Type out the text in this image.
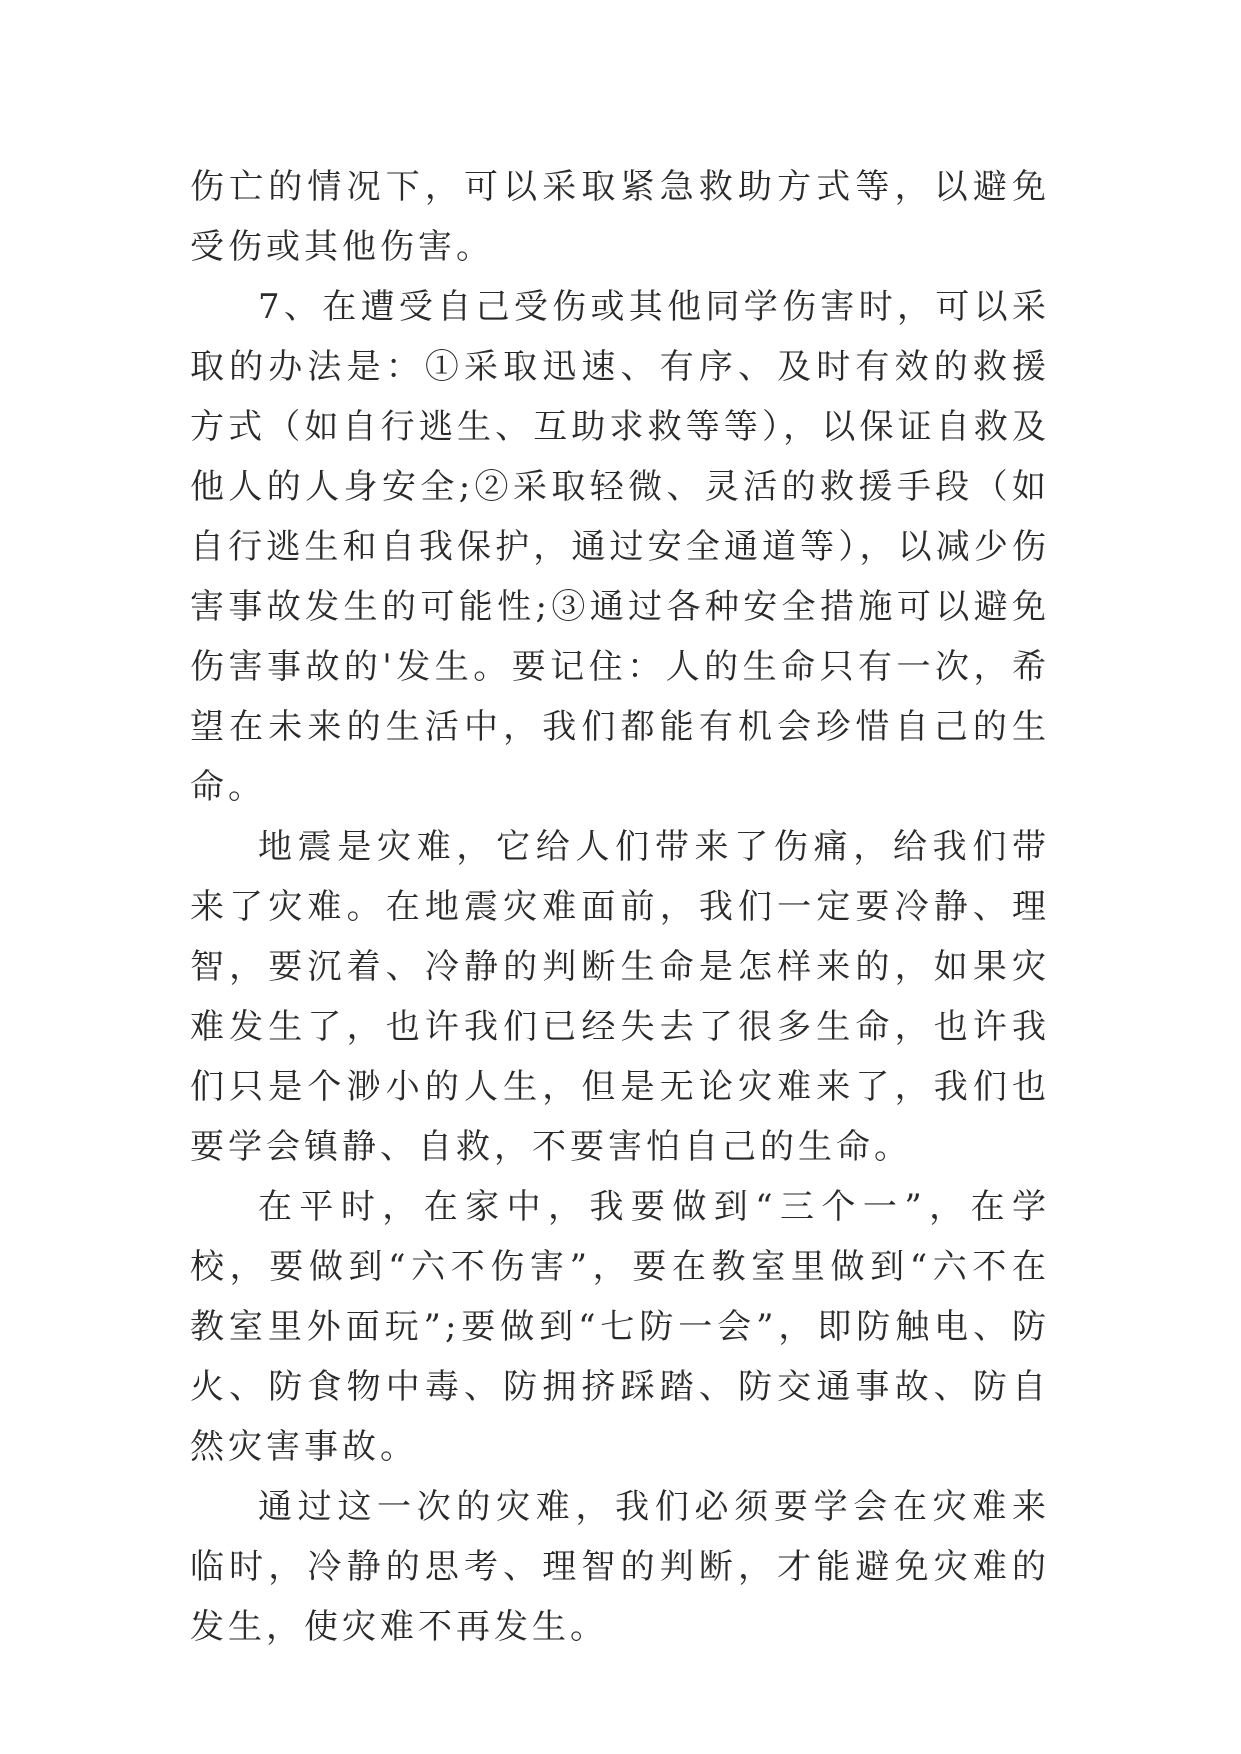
伤亡的情况下，可以采取紧急救助方式等，以避免受伤或其他伤害。

7、在遭受自己受伤或其他同学伤害时，可以采取的办法是：①采取迅速、有序、及时有效的救援方式（如自行逃生、互助求救等等），以保证自救及他人的人身安全;②采取轻微、灵活的救援手段（如自行逃生和自我保护，通过安全通道等），以减少伤害事故发生的可能性;③通过各种安全措施可以避免伤害事故的'发生。要记住：人的生命只有一次，希望在未来的生活中，我们都能有机会珍惜自己的生命。

地震是灾难，它给人们带来了伤痛，给我们带来了灾难。在地震灾难面前，我们一定要冷静、理智，要沉着、冷静的判断生命是怎样来的，如果灾难发生了，也许我们已经失去了很多生命，也许我们只是个渺小的人生，但是无论灾难来了，我们也要学会镇静、自救，不要害怕自己的生命。

在平时，在家中，我要做到“三个一”，在学校，要做到“六不伤害”，要在教室里做到“六不在教室里外面玩”;要做到“七防一会”，即防触电、防火、防食物中毒、防拥挤踩踏、防交通事故、防自然灾害事故。

通过这一次的灾难，我们必须要学会在灾难来临时，冷静的思考、理智的判断，才能避免灾难的发生，使灾难不再发生。
